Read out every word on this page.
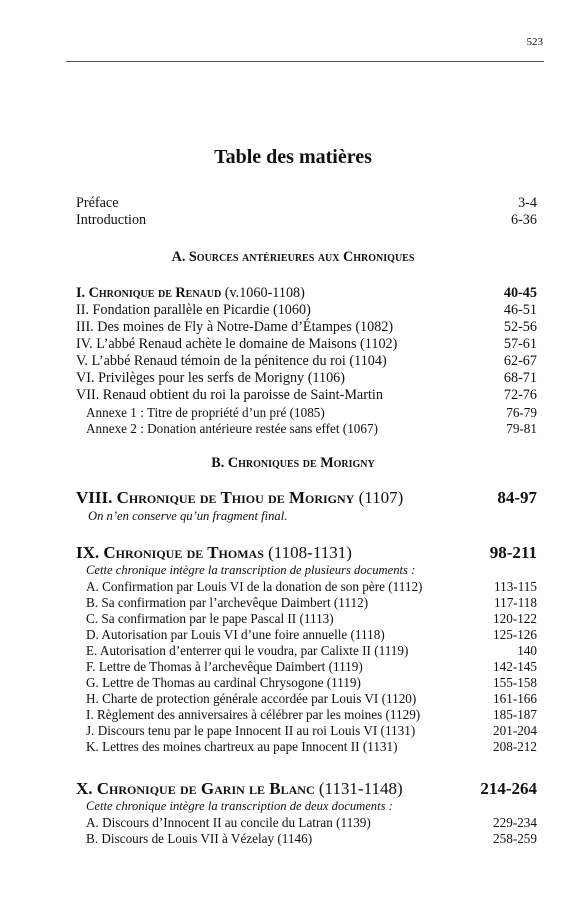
523
Table des matières
Préface	3-4
Introduction	6-36
A. Sources antérieures aux Chroniques
I. Chronique de Renaud (v.1060-1108)	40-45
II. Fondation parallèle en Picardie (1060)	46-51
III. Des moines de Fly à Notre-Dame d’Étampes (1082)	52-56
IV. L’abbé Renaud achète le domaine de Maisons (1102)	57-61
V. L’abbé Renaud témoin de la pénitence du roi (1104)	62-67
VI. Privilèges pour les serfs de Morigny (1106)	68-71
VII. Renaud obtient du roi la paroisse de Saint-Martin	72-76
Annexe 1 : Titre de propriété d’un pré (1085)	76-79
Annexe 2 : Donation antérieure restée sans effet (1067)	79-81
B. Chroniques de Morigny
VIII. Chronique de Thiou de Morigny (1107)	84-97
On n’en conserve qu’un fragment final.
IX. Chronique de Thomas (1108-1131)	98-211
Cette chronique intègre la transcription de plusieurs documents :
A. Confirmation par Louis VI de la donation de son père (1112)	113-115
B. Sa confirmation par l’archevêque Daimbert (1112)	117-118
C. Sa confirmation par le pape Pascal II (1113)	120-122
D. Autorisation par Louis VI d’une foire annuelle (1118)	125-126
E. Autorisation d’enterrer qui le voudra, par Calixte II (1119)	140
F. Lettre de Thomas à l’archevêque Daimbert (1119)	142-145
G. Lettre de Thomas au cardinal Chrysogone (1119)	155-158
H. Charte de protection générale accordée par Louis VI (1120)	161-166
I. Règlement des anniversaires à célébrer par les moines (1129)	185-187
J. Discours tenu par le pape Innocent II au roi Louis VI (1131)	201-204
K. Lettres des moines chartreux au pape Innocent II (1131)	208-212
X. Chronique de Garin le Blanc (1131-1148)	214-264
Cette chronique intègre la transcription de deux documents :
A. Discours d’Innocent II au concile du Latran (1139)	229-234
B. Discours de Louis VII à Vézelay (1146)	258-259
